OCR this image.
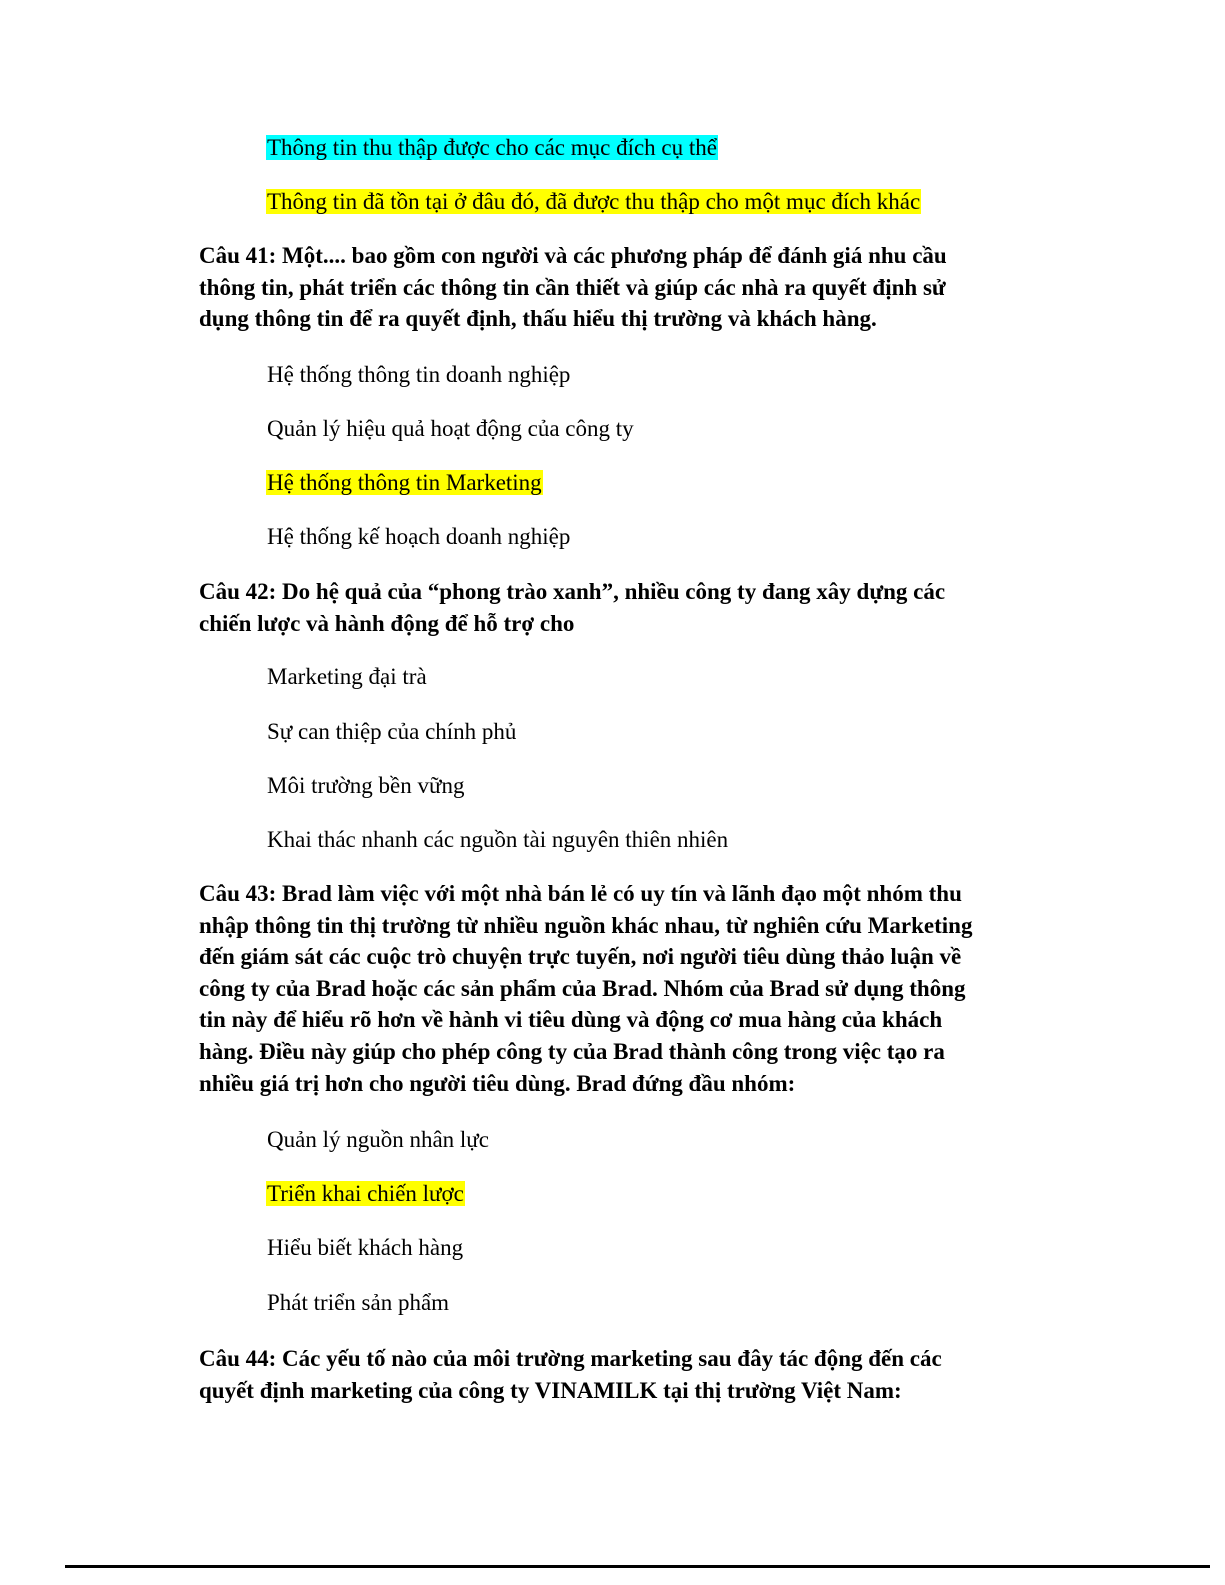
Thông tin thu thập được cho các mục đích cụ thể
Thông tin đã tồn tại ở đâu đó, đã được thu thập cho một mục đích khác
Câu 41: Một.... bao gồm con người và các phương pháp để đánh giá nhu cầu
thông tin, phát triển các thông tin cần thiết và giúp các nhà ra quyết định sử
dụng thông tin để ra quyết định, thấu hiểu thị trường và khách hàng.
Hệ thống thông tin doanh nghiệp
Quản lý hiệu quả hoạt động của công ty
Hệ thống thông tin Marketing
Hệ thống kế hoạch doanh nghiệp
Câu 42: Do hệ quả của “phong trào xanh”, nhiều công ty đang xây dựng các
chiến lược và hành động để hỗ trợ cho
Marketing đại trà
Sự can thiệp của chính phủ
Môi trường bền vững
Khai thác nhanh các nguồn tài nguyên thiên nhiên
Câu 43: Brad làm việc với một nhà bán lẻ có uy tín và lãnh đạo một nhóm thu
nhập thông tin thị trường từ nhiều nguồn khác nhau, từ nghiên cứu Marketing
đến giám sát các cuộc trò chuyện trực tuyến, nơi người tiêu dùng thảo luận về
công ty của Brad hoặc các sản phẩm của Brad. Nhóm của Brad sử dụng thông
tin này để hiểu rõ hơn về hành vi tiêu dùng và động cơ mua hàng của khách
hàng. Điều này giúp cho phép công ty của Brad thành công trong việc tạo ra
nhiều giá trị hơn cho người tiêu dùng. Brad đứng đầu nhóm:
Quản lý nguồn nhân lực
Triển khai chiến lược
Hiểu biết khách hàng
Phát triển sản phẩm
Câu 44: Các yếu tố nào của môi trường marketing sau đây tác động đến các
quyết định marketing của công ty VINAMILK tại thị trường Việt Nam:
